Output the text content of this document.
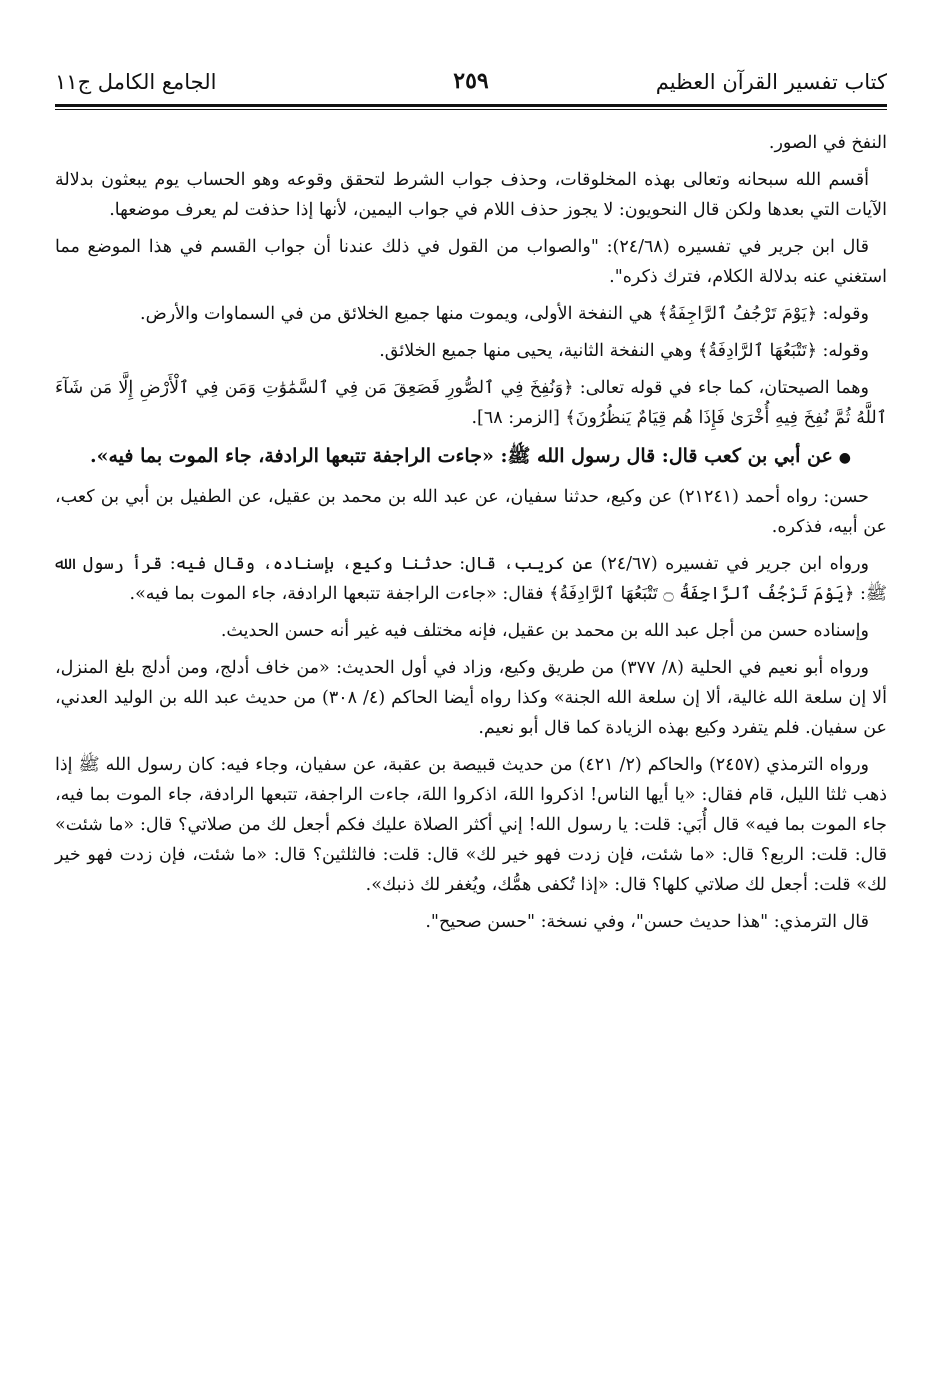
كتاب تفسير القرآن العظيم
٢٥٩
الجامع الكامل ج١١

النفخ في الصور.

أقسم الله سبحانه وتعالى بهذه المخلوقات، وحذف جواب الشرط لتحقق وقوعه وهو الحساب يوم يبعثون بدلالة الآيات التي بعدها ولكن قال النحويون: لا يجوز حذف اللام في جواب اليمين، لأنها إذا حذفت لم يعرف موضعها.

قال ابن جرير في تفسيره (٢٤/٦٨): "والصواب من القول في ذلك عندنا أن جواب القسم في هذا الموضع مما استغني عنه بدلالة الكلام، فترك ذكره".

وقوله: ﴿يَوْمَ تَرْجُفُ ٱلرَّاجِفَةُ﴾ هي النفخة الأولى، ويموت منها جميع الخلائق من في السماوات والأرض.

وقوله: ﴿تَتْبَعُهَا ٱلرَّادِفَةُ﴾ وهي النفخة الثانية، يحيى منها جميع الخلائق.

وهما الصيحتان، كما جاء في قوله تعالى: ﴿وَنُفِخَ فِي ٱلصُّورِ فَصَعِقَ مَن فِي ٱلسَّمَٰوَٰتِ وَمَن فِي ٱلْأَرْضِ إِلَّا مَن شَآءَ ٱللَّهُ ثُمَّ نُفِخَ فِيهِ أُخْرَىٰ فَإِذَا هُم قِيَامٌ يَنظُرُونَ﴾ [الزمر: ٦٨].

●عن أبي بن كعب قال: قال رسول الله ﷺ: «جاءت الراجفة تتبعها الرادفة، جاء الموت بما فيه».

حسن: رواه أحمد (٢١٢٤١) عن وكيع، حدثنا سفيان، عن عبد الله بن محمد بن عقيل، عن الطفيل بن أبي بن كعب، عن أبيه، فذكره.

ورواه ابن جرير في تفسيره (٢٤/٦٧) عن كريب، قال: حدثنا وكيع، بإسناده، وقال فيه: قرأ رسول الله ﷺ: ﴿يَوْمَ تَرْجُفُ ٱلرَّاجِفَةُ ۝ تَتْبَعُهَا ٱلرَّادِفَةُ﴾ فقال: «جاءت الراجفة تتبعها الرادفة، جاء الموت بما فيه».

وإسناده حسن من أجل عبد الله بن محمد بن عقيل، فإنه مختلف فيه غير أنه حسن الحديث.

ورواه أبو نعيم في الحلية (٨/ ٣٧٧) من طريق وكيع، وزاد في أول الحديث: «من خاف أدلج، ومن أدلج بلغ المنزل، ألا إن سلعة الله غالية، ألا إن سلعة الله الجنة» وكذا رواه أيضا الحاكم (٤/ ٣٠٨) من حديث عبد الله بن الوليد العدني، عن سفيان. فلم يتفرد وكيع بهذه الزيادة كما قال أبو نعيم.

ورواه الترمذي (٢٤٥٧) والحاكم (٢/ ٤٢١) من حديث قبيصة بن عقبة، عن سفيان، وجاء فيه: كان رسول الله ﷺ إذا ذهب ثلثا الليل، قام فقال: «يا أيها الناس! اذكروا اللهَ، اذكروا اللهَ، جاءت الراجفة، تتبعها الرادفة، جاء الموت بما فيه، جاء الموت بما فيه» قال أُبَي: قلت: يا رسول الله! إني أكثر الصلاة عليك فكم أجعل لك من صلاتي؟ قال: «ما شئت» قال: قلت: الربع؟ قال: «ما شئت، فإن زدت فهو خير لك» قال: قلت: فالثلثين؟ قال: «ما شئت، فإن زدت فهو خير لك» قلت: أجعل لك صلاتي كلها؟ قال: «إذا تُكفى همُّك، ويُغفر لك ذنبك».

قال الترمذي: "هذا حديث حسن"، وفي نسخة: "حسن صحيح".
